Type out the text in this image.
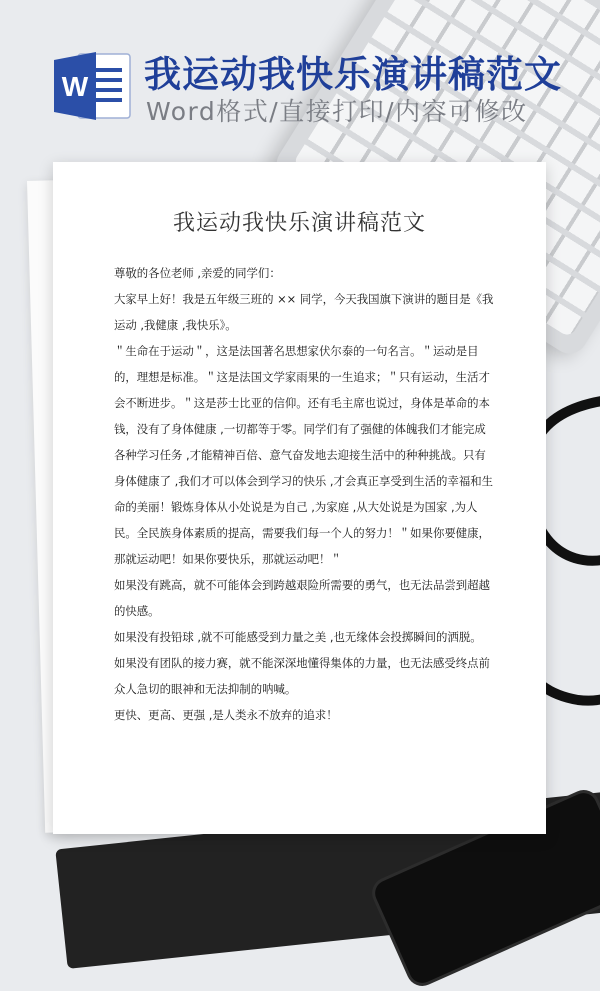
W 我运动我快乐演讲稿范文
Word格式/直接打印/内容可修改
我运动我快乐演讲稿范文

尊敬的各位老师 ,亲爱的同学们：

大家早上好！我是五年级三班的 ×× 同学，今天我国旗下演讲的题目是《我运动 ,我健康 ,我快乐》。

＂生命在于运动＂，这是法国著名思想家伏尔泰的一句名言。＂运动是目的，理想是标准。＂这是法国文学家雨果的一生追求；＂只有运动，生活才会不断进步。＂这是莎士比亚的信仰。还有毛主席也说过，身体是革命的本钱，没有了身体健康 ,一切都等于零。同学们有了强健的体魄我们才能完成各种学习任务 ,才能精神百倍、意气奋发地去迎接生活中的种种挑战。只有身体健康了 ,我们才可以体会到学习的快乐 ,才会真正享受到生活的幸福和生命的美丽！锻炼身体从小处说是为自己 ,为家庭 ,从大处说是为国家 ,为人民。全民族身体素质的提高，需要我们每一个人的努力！＂如果你要健康，那就运动吧！如果你要快乐，那就运动吧！＂

如果没有跳高，就不可能体会到跨越艰险所需要的勇气，也无法品尝到超越的快感。

如果没有投铅球 ,就不可能感受到力量之美 ,也无缘体会投掷瞬间的洒脱。

如果没有团队的接力赛，就不能深深地懂得集体的力量，也无法感受终点前众人急切的眼神和无法抑制的呐喊。

更快、更高、更强 ,是人类永不放弃的追求！
